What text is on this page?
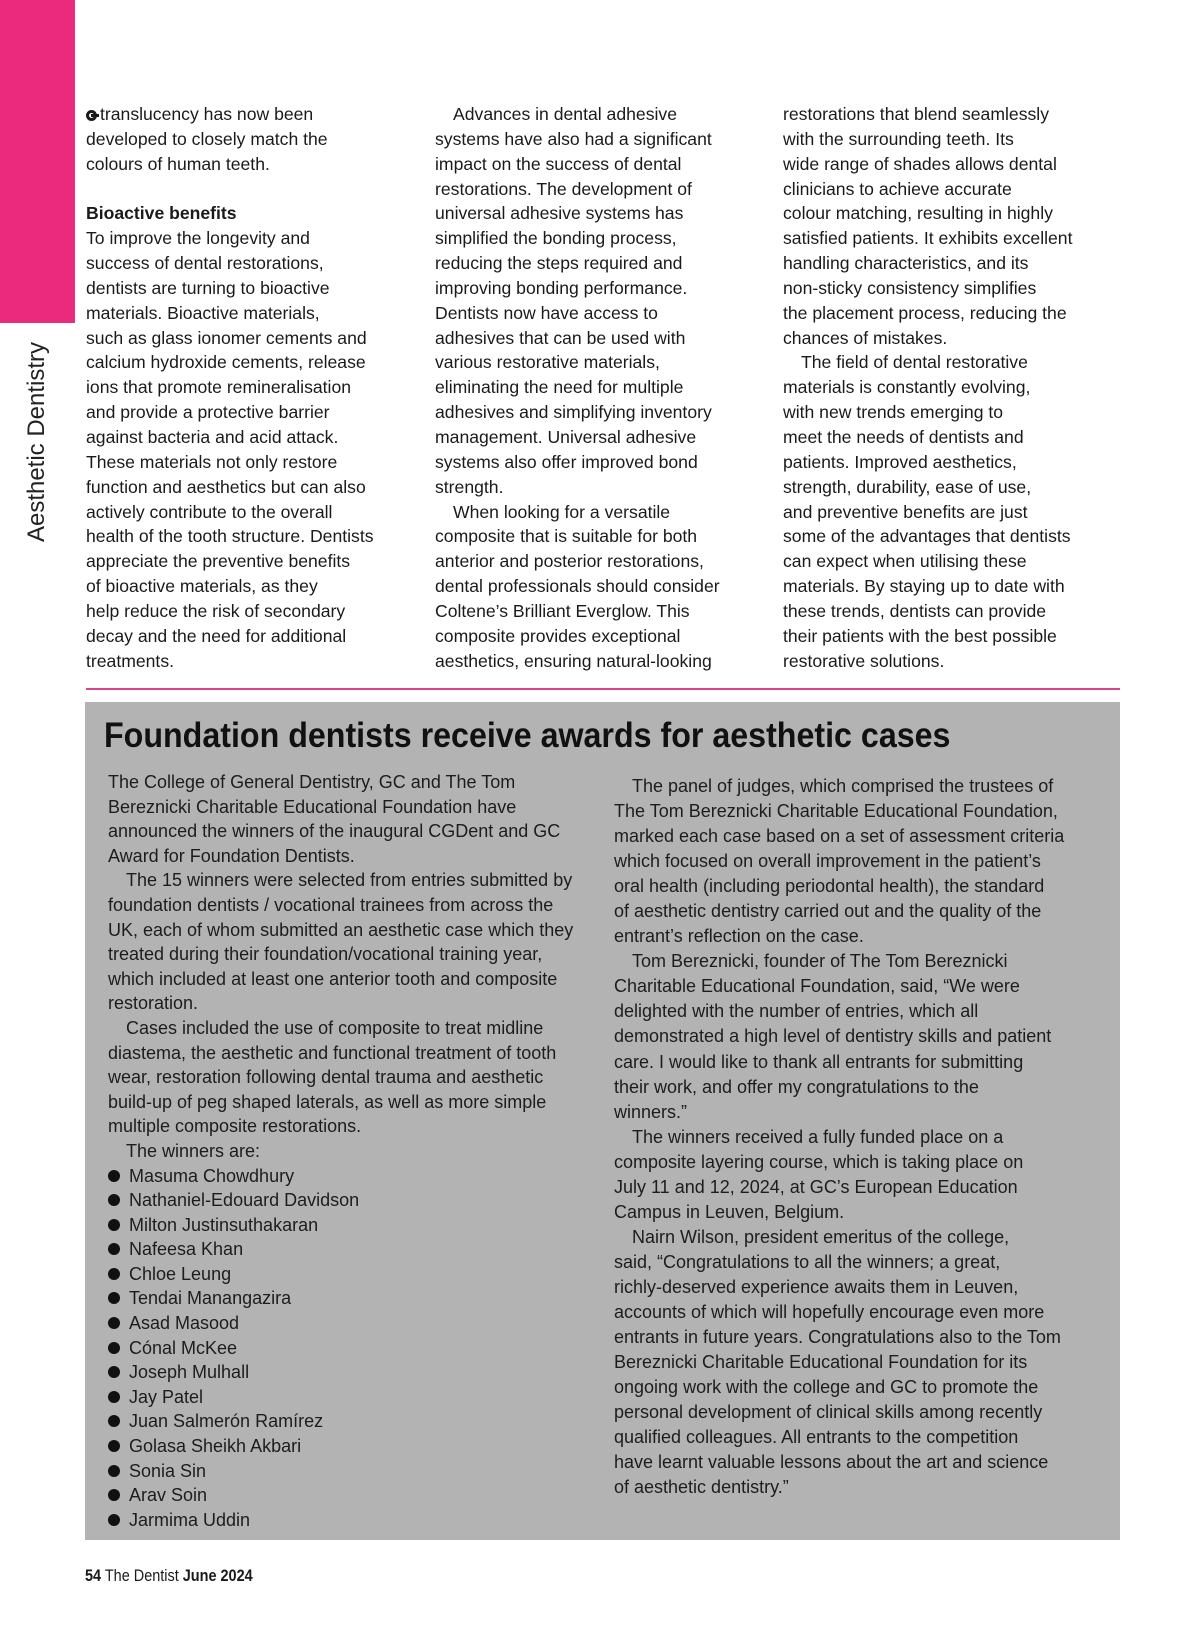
Aesthetic Dentistry
translucency has now been
developed to closely match the
colours of human teeth.
Bioactive benefits
To improve the longevity and
success of dental restorations,
dentists are turning to bioactive
materials. Bioactive materials,
such as glass ionomer cements and
calcium hydroxide cements, release
ions that promote remineralisation
and provide a protective barrier
against bacteria and acid attack.
These materials not only restore
function and aesthetics but can also
actively contribute to the overall
health of the tooth structure. Dentists
appreciate the preventive benefits
of bioactive materials, as they
help reduce the risk of secondary
decay and the need for additional
treatments.
Advances in dental adhesive
systems have also had a significant
impact on the success of dental
restorations. The development of
universal adhesive systems has
simplified the bonding process,
reducing the steps required and
improving bonding performance.
Dentists now have access to
adhesives that can be used with
various restorative materials,
eliminating the need for multiple
adhesives and simplifying inventory
management. Universal adhesive
systems also offer improved bond
strength.
When looking for a versatile
composite that is suitable for both
anterior and posterior restorations,
dental professionals should consider
Coltene’s Brilliant Everglow. This
composite provides exceptional
aesthetics, ensuring natural-looking
restorations that blend seamlessly
with the surrounding teeth. Its
wide range of shades allows dental
clinicians to achieve accurate
colour matching, resulting in highly
satisfied patients. It exhibits excellent
handling characteristics, and its
non-sticky consistency simplifies
the placement process, reducing the
chances of mistakes.
The field of dental restorative
materials is constantly evolving,
with new trends emerging to
meet the needs of dentists and
patients. Improved aesthetics,
strength, durability, ease of use,
and preventive benefits are just
some of the advantages that dentists
can expect when utilising these
materials. By staying up to date with
these trends, dentists can provide
their patients with the best possible
restorative solutions.
Foundation dentists receive awards for aesthetic cases
The College of General Dentistry, GC and The Tom
Bereznicki Charitable Educational Foundation have
announced the winners of the inaugural CGDent and GC
Award for Foundation Dentists.
The 15 winners were selected from entries submitted by
foundation dentists / vocational trainees from across the
UK, each of whom submitted an aesthetic case which they
treated during their foundation/vocational training year,
which included at least one anterior tooth and composite
restoration.
Cases included the use of composite to treat midline
diastema, the aesthetic and functional treatment of tooth
wear, restoration following dental trauma and aesthetic
build-up of peg shaped laterals, as well as more simple
multiple composite restorations.
The winners are:
Masuma Chowdhury
Nathaniel-Edouard Davidson
Milton Justinsuthakaran
Nafeesa Khan
Chloe Leung
Tendai Manangazira
Asad Masood
Cónal McKee
Joseph Mulhall
Jay Patel
Juan Salmerón Ramírez
Golasa Sheikh Akbari
Sonia Sin
Arav Soin
Jarmima Uddin
The panel of judges, which comprised the trustees of
The Tom Bereznicki Charitable Educational Foundation,
marked each case based on a set of assessment criteria
which focused on overall improvement in the patient’s
oral health (including periodontal health), the standard
of aesthetic dentistry carried out and the quality of the
entrant’s reflection on the case.
Tom Bereznicki, founder of The Tom Bereznicki
Charitable Educational Foundation, said, “We were
delighted with the number of entries, which all
demonstrated a high level of dentistry skills and patient
care. I would like to thank all entrants for submitting
their work, and offer my congratulations to the
winners.”
The winners received a fully funded place on a
composite layering course, which is taking place on
July 11 and 12, 2024, at GC’s European Education
Campus in Leuven, Belgium.
Nairn Wilson, president emeritus of the college,
said, “Congratulations to all the winners; a great,
richly-deserved experience awaits them in Leuven,
accounts of which will hopefully encourage even more
entrants in future years. Congratulations also to the Tom
Bereznicki Charitable Educational Foundation for its
ongoing work with the college and GC to promote the
personal development of clinical skills among recently
qualified colleagues. All entrants to the competition
have learnt valuable lessons about the art and science
of aesthetic dentistry.”
54 The Dentist June 2024
